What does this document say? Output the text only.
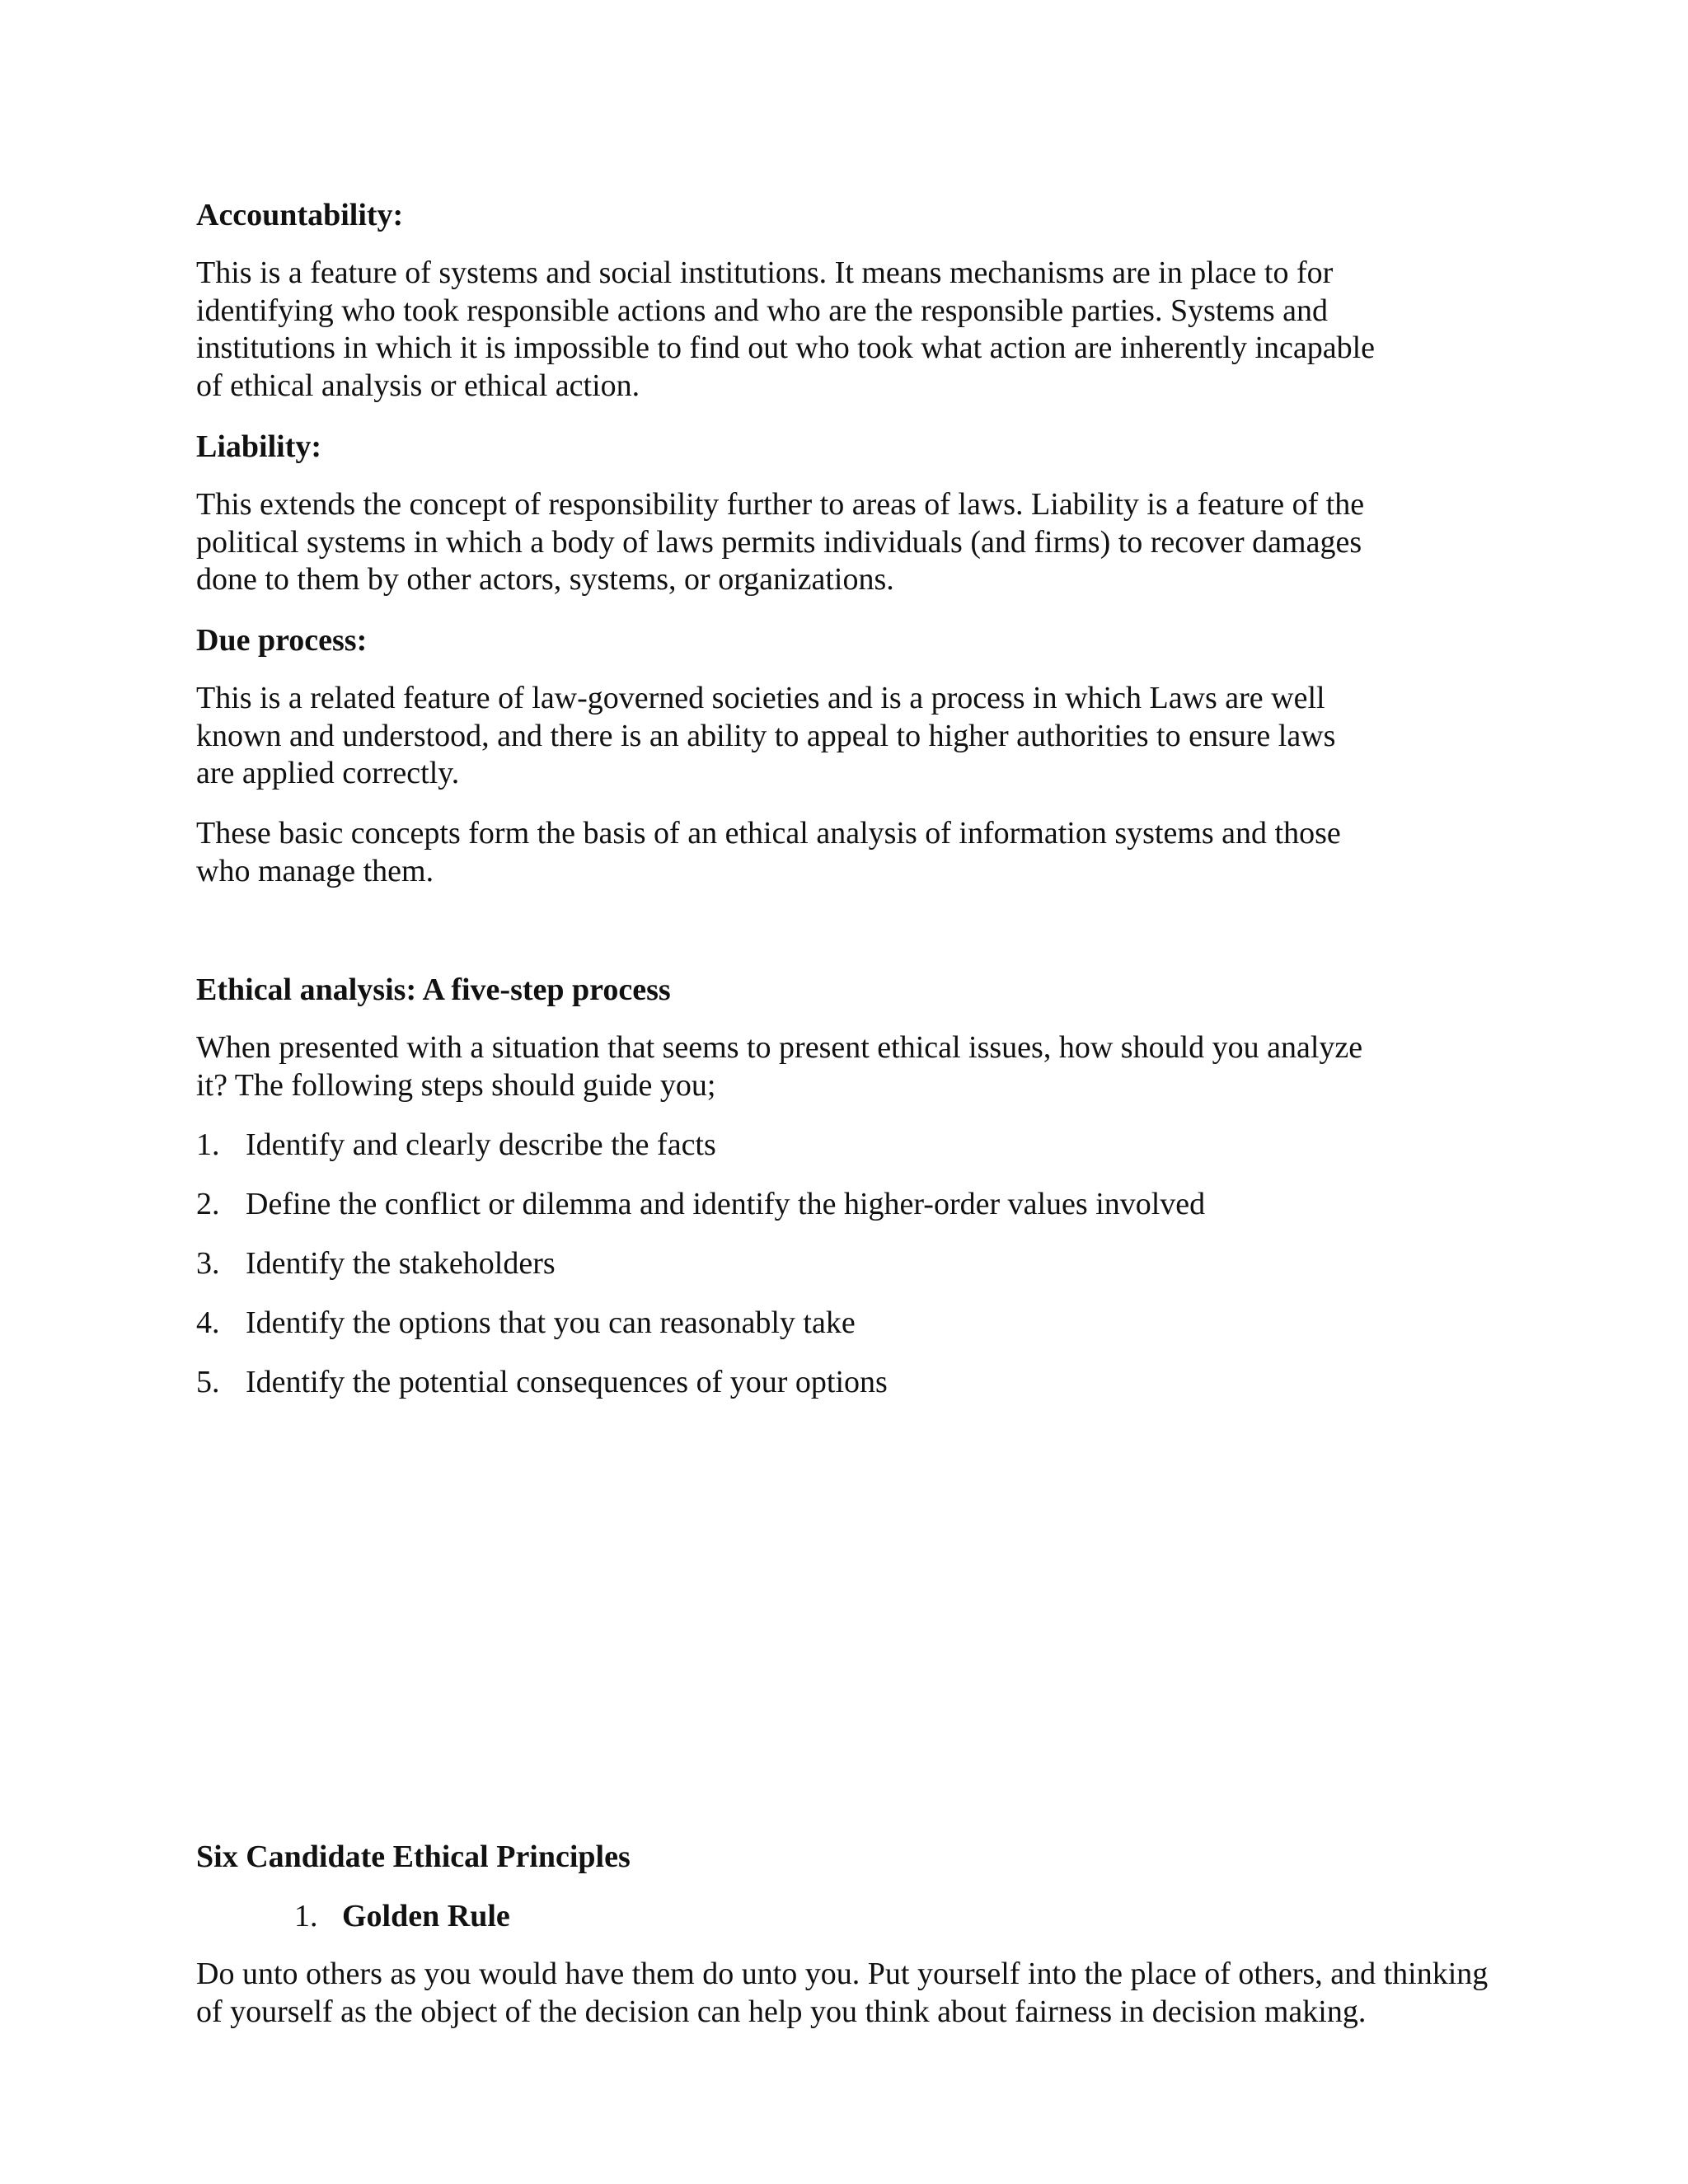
Accountability:

This is a feature of systems and social institutions. It means mechanisms are in place to for
identifying who took responsible actions and who are the responsible parties. Systems and
institutions in which it is impossible to find out who took what action are inherently incapable
of ethical analysis or ethical action.

Liability:

This extends the concept of responsibility further to areas of laws. Liability is a feature of the
political systems in which a body of laws permits individuals (and firms) to recover damages
done to them by other actors, systems, or organizations.

Due process:

This is a related feature of law-governed societies and is a process in which Laws are well
known and understood, and there is an ability to appeal to higher authorities to ensure laws
are applied correctly.

These basic concepts form the basis of an ethical analysis of information systems and those
who manage them.

Ethical analysis: A five-step process

When presented with a situation that seems to present ethical issues, how should you analyze
it? The following steps should guide you;

1. Identify and clearly describe the facts
2. Define the conflict or dilemma and identify the higher-order values involved
3. Identify the stakeholders
4. Identify the options that you can reasonably take
5. Identify the potential consequences of your options
Six Candidate Ethical Principles
1. Golden Rule

Do unto others as you would have them do unto you. Put yourself into the place of others, and thinking
of yourself as the object of the decision can help you think about fairness in decision making.
